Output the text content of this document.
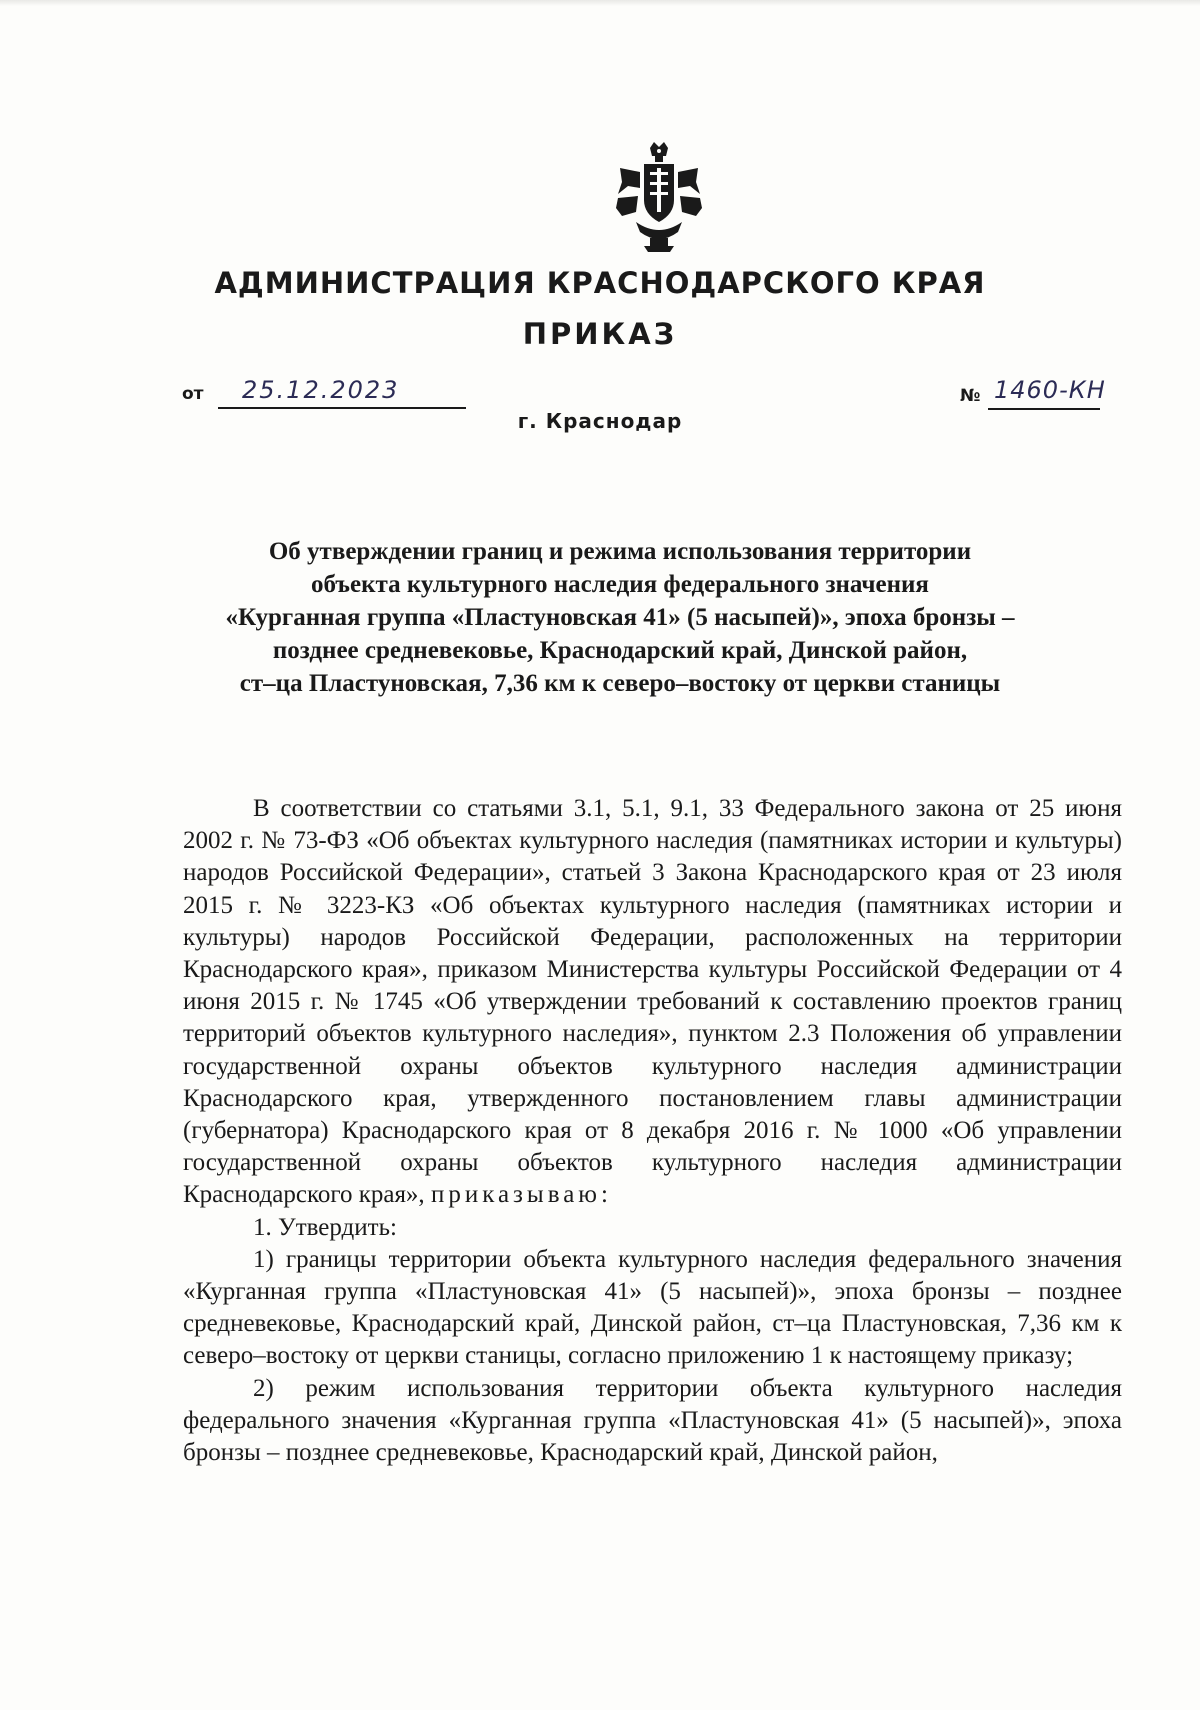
АДМИНИСТРАЦИЯ КРАСНОДАРСКОГО КРАЯ
ПРИКАЗ
от 25.12.2023
г. Краснодар
№ 1460-КН
Об утверждении границ и режима использования территории
объекта культурного наследия федерального значения
«Курганная группа «Пластуновская 41» (5 насыпей)», эпоха бронзы –
позднее средневековье, Краснодарский край, Динской район,
ст–ца Пластуновская, 7,36 км к северо–востоку от церкви станицы

В соответствии со статьями 3.1, 5.1, 9.1, 33 Федерального закона от 25 июня 2002 г. № 73-ФЗ «Об объектах культурного наследия (памятниках истории и культуры) народов Российской Федерации», статьей 3 Закона Краснодарского края от 23 июля 2015 г. № 3223-КЗ «Об объектах культурного наследия (памятниках истории и культуры) народов Российской Федерации, расположенных на территории Краснодарского края», приказом Министерства культуры Российской Федерации от 4 июня 2015 г. № 1745 «Об утверждении требований к составлению проектов границ территорий объектов культурного наследия», пунктом 2.3 Положения об управлении государственной охраны объектов культурного наследия администрации Краснодарского края, утвержденного постановлением главы администрации (губернатора) Краснодарского края от 8 декабря 2016 г. № 1000 «Об управлении государственной охраны объектов культурного наследия администрации Краснодарского края», приказываю:

1. Утвердить:

1) границы территории объекта культурного наследия федерального значения «Курганная группа «Пластуновская 41» (5 насыпей)», эпоха бронзы – позднее средневековье, Краснодарский край, Динской район, ст–ца Пластуновская, 7,36 км к северо–востоку от церкви станицы, согласно приложению 1 к настоящему приказу;

2) режим использования территории объекта культурного наследия федерального значения «Курганная группа «Пластуновская 41» (5 насыпей)», эпоха бронзы – позднее средневековье, Краснодарский край, Динской район,
